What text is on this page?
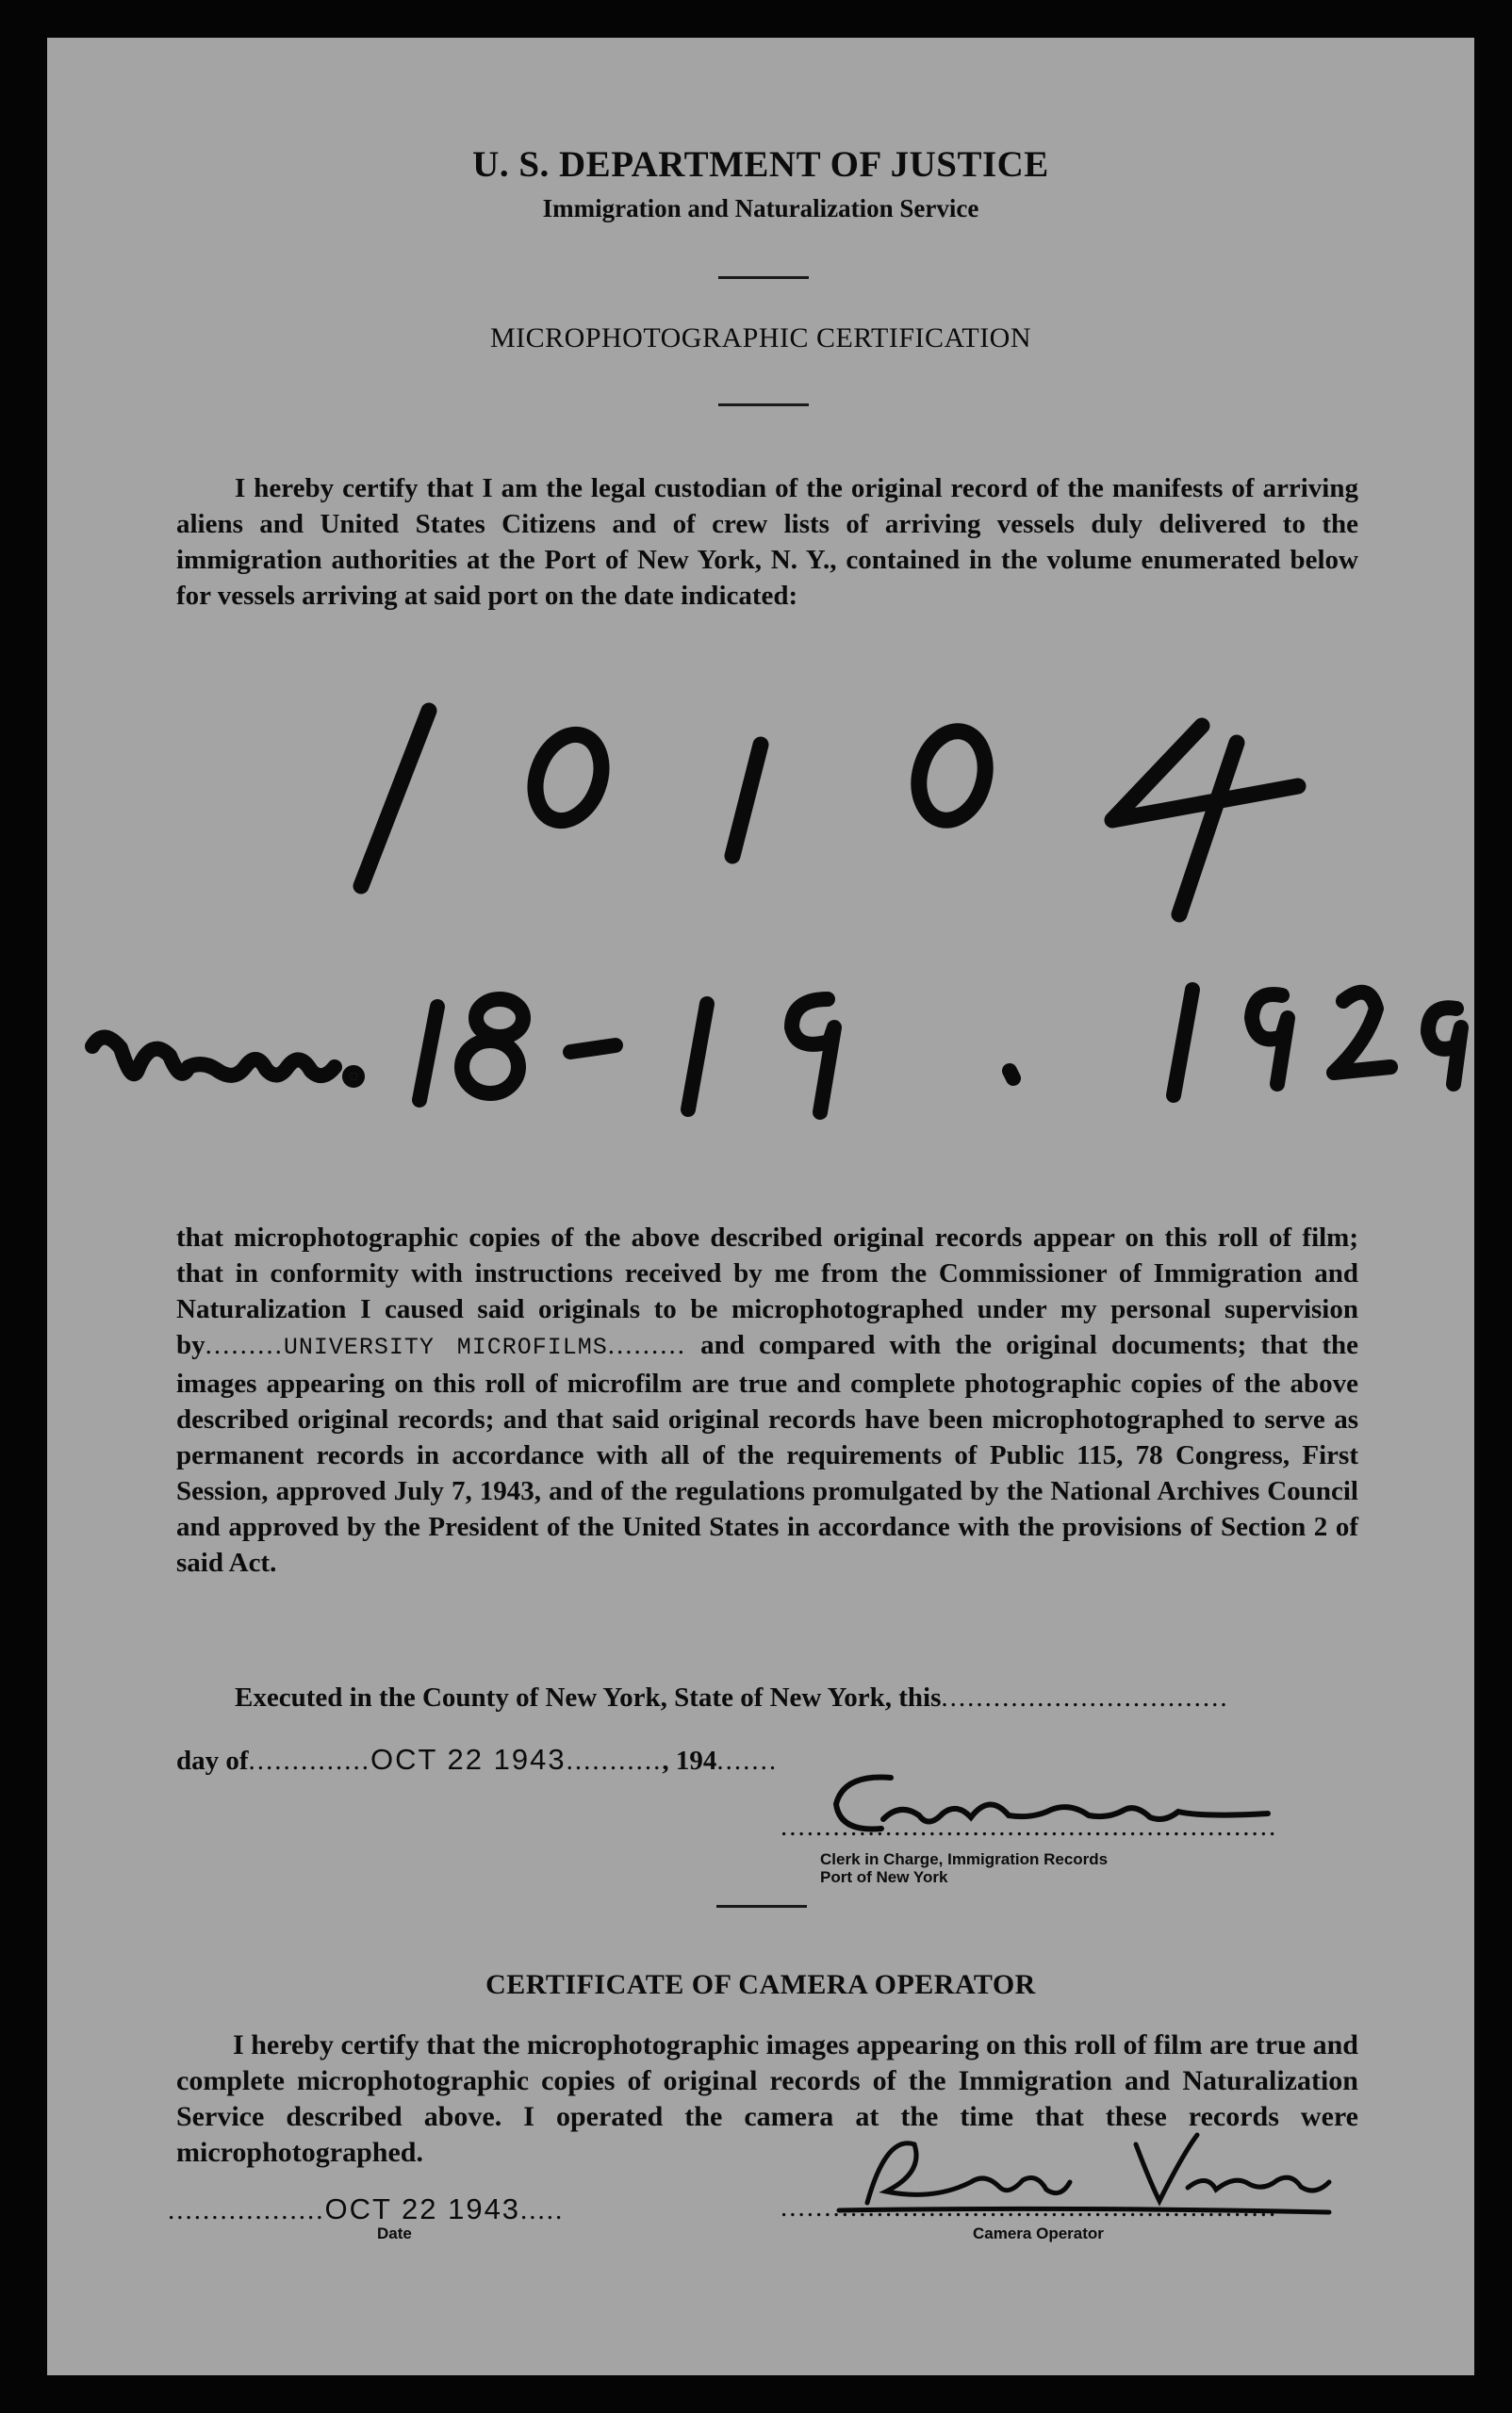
U. S. DEPARTMENT OF JUSTICE
Immigration and Naturalization Service
MICROPHOTOGRAPHIC CERTIFICATION
I hereby certify that I am the legal custodian of the original record of the manifests of arriving aliens and United States Citizens and of crew lists of arriving vessels duly delivered to the immigration authorities at the Port of New York, N. Y., contained in the volume enumerated below for vessels arriving at said port on the date indicated:
that microphotographic copies of the above described original records appear on this roll of film; that in conformity with instructions received by me from the Commissioner of Immigration and Naturalization I caused said originals to be microphotographed under my personal supervision by.........UNIVERSITY MICROFILMS......... and compared with the original documents; that the images appearing on this roll of microfilm are true and complete photographic copies of the above described original records; and that said original records have been microphotographed to serve as permanent records in accordance with all of the requirements of Public 115, 78 Congress, First Session, approved July 7, 1943, and of the regulations promulgated by the National Archives Council and approved by the President of the United States in accordance with the provisions of Section 2 of said Act.
Executed in the County of New York, State of New York, this.................................
day of..............OCT 22 1943..........., 194.......
.........................................................
Clerk in Charge, Immigration Records
Port of New York
CERTIFICATE OF CAMERA OPERATOR
I hereby certify that the microphotographic images appearing on this roll of film are true and complete microphotographic copies of original records of the Immigration and Naturalization Service described above. I operated the camera at the time that these records were microphotographed.
..................OCT 22 1943.....
Date
.........................................................
Camera Operator
